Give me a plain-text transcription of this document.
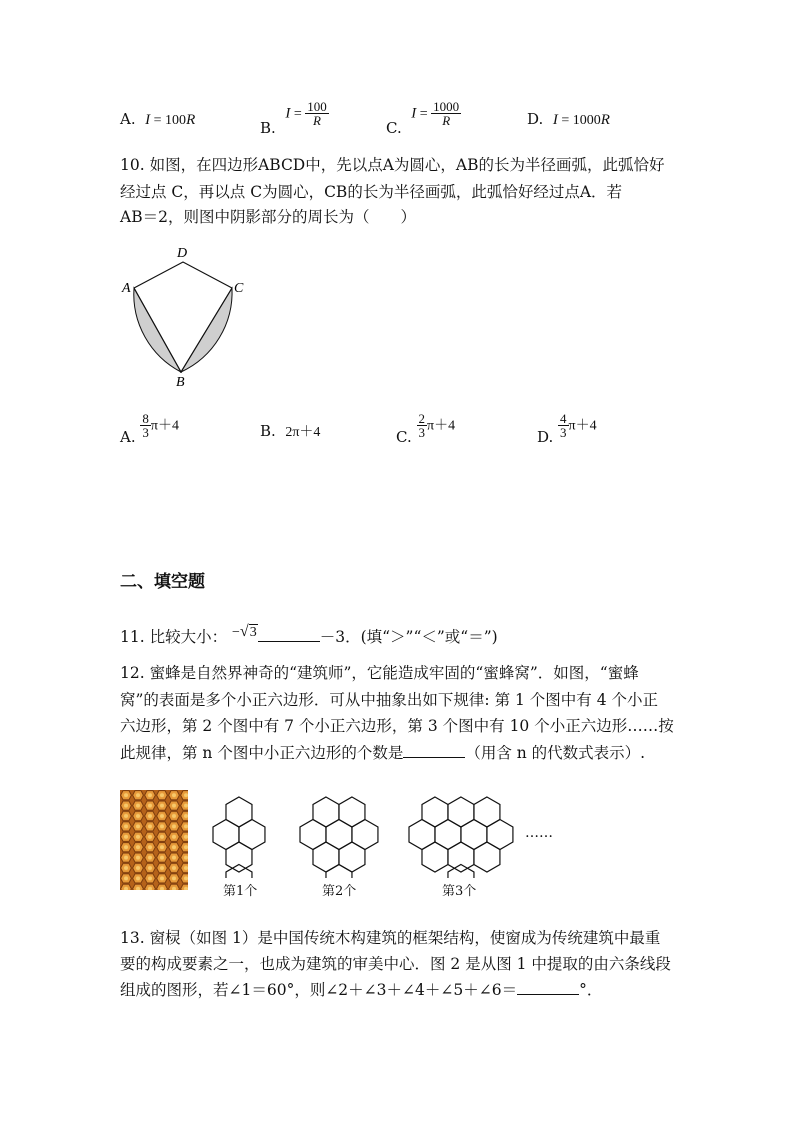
A. I = 100R	B.  $I = \frac{100}{R}$
C.  $I = \frac{1000}{R}$	D. I = 1000R
10. 如图，在四边形ABCD中，先以点A为圆心，AB的长为半径画弧，此弧恰好
经过点 C，再以点 C为圆心，CB的长为半径画弧，此弧恰好经过点A．若
AB＝2，则图中阴影部分的周长为（　　）
A
D
C
B
A. $\frac{8}{3} \pi+4$	B. 2π＋4	C. $\frac{2}{3} \pi+4$
D. $\frac{4}{3} \pi+4$
二、填空题
11. 比较大小： −√3	－3．(填“＞”“＜”或“＝”)
12. 蜜蜂是自然界神奇的“建筑师”，它能造成牢固的“蜜蜂窝”．如图，“蜜蜂
窝”的表面是多个小正六边形．可从中抽象出如下规律: 第 1 个图中有 4 个小正
六边形，第 2 个图中有 7 个小正六边形，第 3 个图中有 10 个小正六边形……按
此规律，第 n 个图中小正六边形的个数是	（用含 n 的代数式表示）.
……
第1个	第2个	第3个
13. 窗棂（如图 1）是中国传统木构建筑的框架结构，使窗成为传统建筑中最重
要的构成要素之一，也成为建筑的审美中心．图 2 是从图 1 中提取的由六条线段
组成的图形，若∠1＝60°，则∠2＋∠3＋∠4＋∠5＋∠6＝	°．
